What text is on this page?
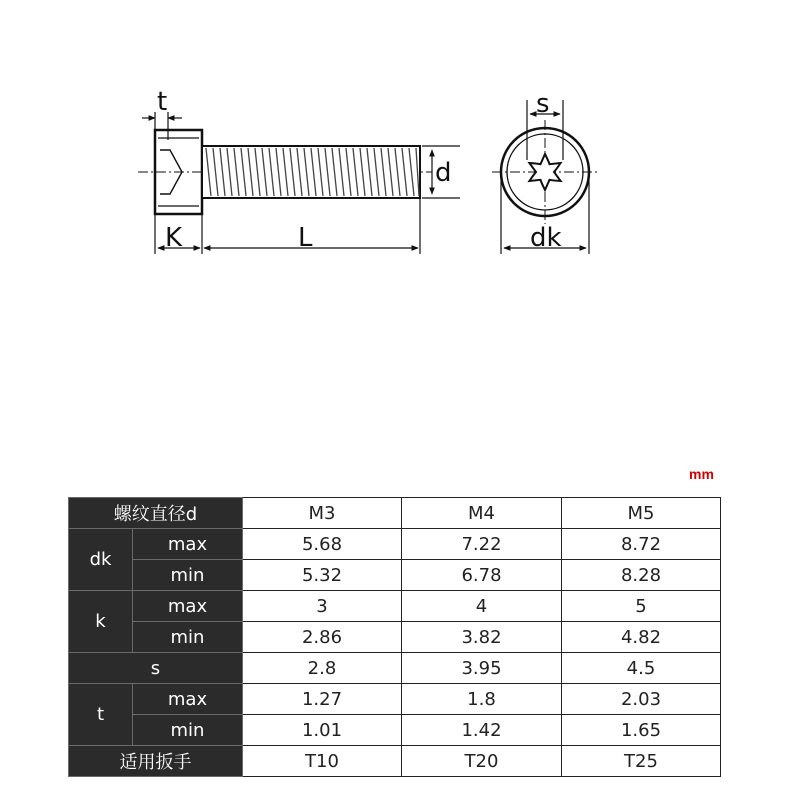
t
K	L
d
s
dk
mm
螺纹直径d		M3	M4	M5
dk	max	5.68	7.22	8.72
	min	5.32	6.78	8.28
k	max	3	4	5
	min	2.86	3.82	4.82
s		2.8	3.95	4.5
t	max	1.27	1.8	2.03
	min	1.01	1.42	1.65
适用扳手		T10	T20	T25
